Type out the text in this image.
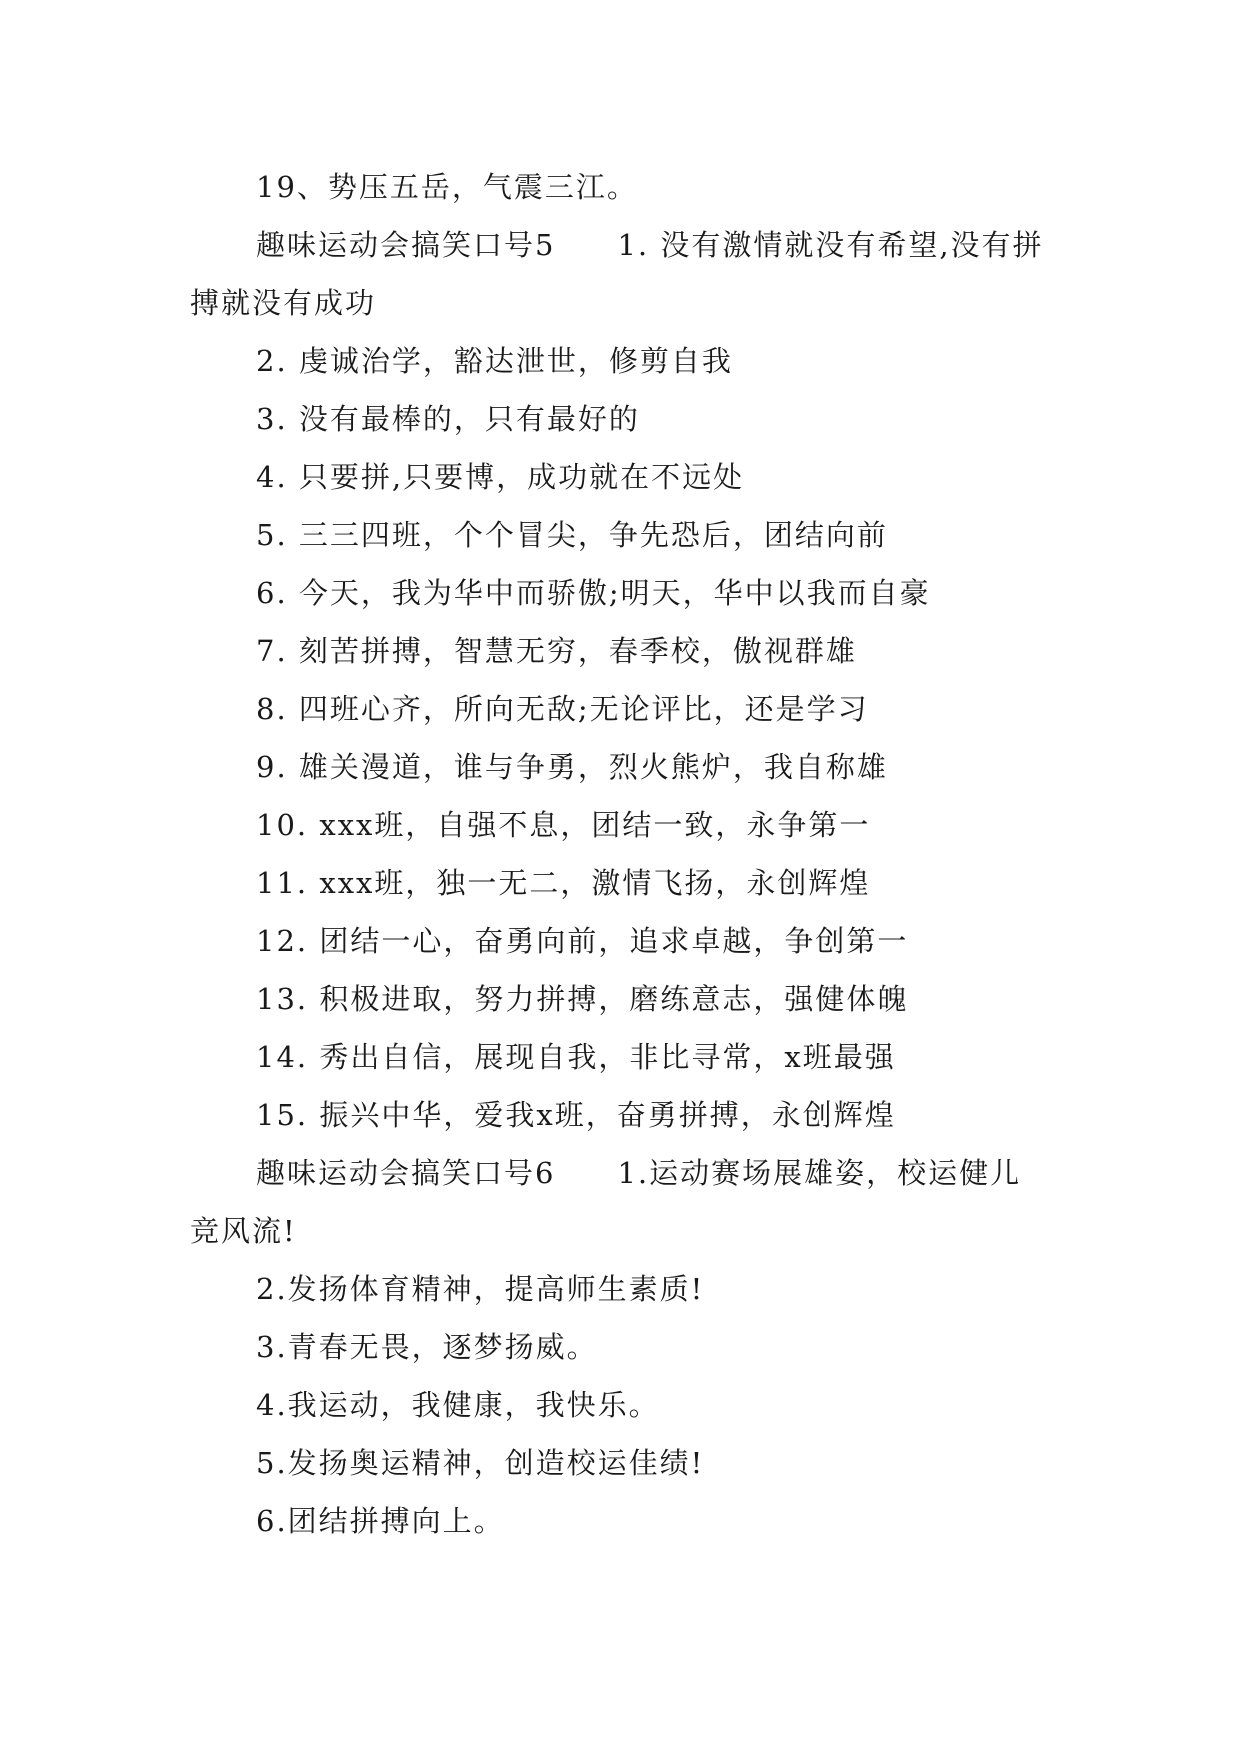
19、势压五岳，气震三江。

趣味运动会搞笑口号5　　1. 没有激情就没有希望,没有拼搏就没有成功

2. 虔诚治学，豁达泄世，修剪自我

3. 没有最棒的，只有最好的

4. 只要拼,只要博，成功就在不远处

5. 三三四班，个个冒尖，争先恐后，团结向前

6. 今天，我为华中而骄傲;明天，华中以我而自豪

7. 刻苦拼搏，智慧无穷，春季校，傲视群雄

8. 四班心齐，所向无敌;无论评比，还是学习

9. 雄关漫道，谁与争勇，烈火熊炉，我自称雄

10. xxx班，自强不息，团结一致，永争第一

11. xxx班，独一无二，激情飞扬，永创辉煌

12. 团结一心，奋勇向前，追求卓越，争创第一

13. 积极进取，努力拼搏，磨练意志，强健体魄

14. 秀出自信，展现自我，非比寻常，x班最强

15. 振兴中华，爱我x班，奋勇拼搏，永创辉煌

趣味运动会搞笑口号6　　1.运动赛场展雄姿，校运健儿竞风流!

2.发扬体育精神，提高师生素质!

3.青春无畏，逐梦扬威。

4.我运动，我健康，我快乐。

5.发扬奥运精神，创造校运佳绩!

6.团结拼搏向上。
